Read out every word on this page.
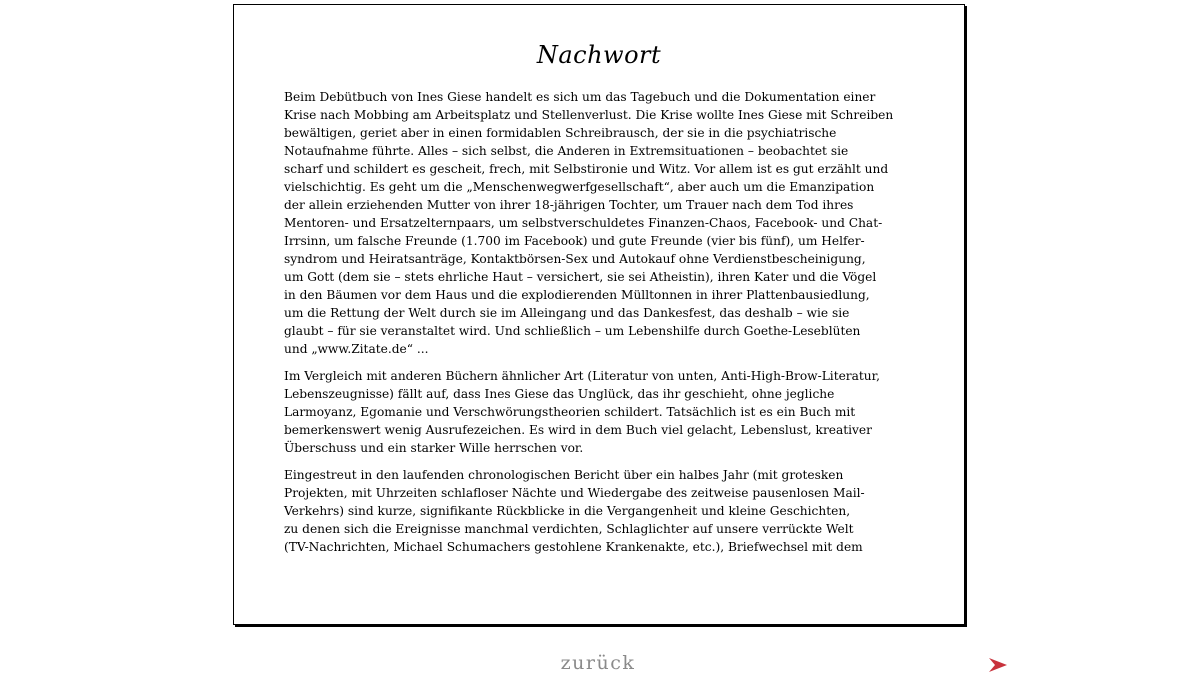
Nachwort

Beim Debütbuch von Ines Giese handelt es sich um das Tagebuch und die Dokumentation einer
Krise nach Mobbing am Arbeitsplatz und Stellenverlust. Die Krise wollte Ines Giese mit Schreiben
bewältigen, geriet aber in einen formidablen Schreibrausch, der sie in die psychiatrische
Notaufnahme führte. Alles – sich selbst, die Anderen in Extremsituationen – beobachtet sie
scharf und schildert es gescheit, frech, mit Selbstironie und Witz. Vor allem ist es gut erzählt und
vielschichtig. Es geht um die „Menschenwegwerfgesellschaft“, aber auch um die Emanzipation
der allein erziehenden Mutter von ihrer 18-jährigen Tochter, um Trauer nach dem Tod ihres
Mentoren- und Ersatzelternpaars, um selbstverschuldetes Finanzen-Chaos, Facebook- und Chat-
Irrsinn, um falsche Freunde (1.700 im Facebook) und gute Freunde (vier bis fünf), um Helfer-
syndrom und Heiratsanträge, Kontaktbörsen-Sex und Autokauf ohne Verdienstbescheinigung,
um Gott (dem sie – stets ehrliche Haut – versichert, sie sei Atheistin), ihren Kater und die Vögel
in den Bäumen vor dem Haus und die explodierenden Mülltonnen in ihrer Plattenbausiedlung,
um die Rettung der Welt durch sie im Alleingang und das Dankesfest, das deshalb – wie sie
glaubt – für sie veranstaltet wird. Und schließlich – um Lebenshilfe durch Goethe-Leseblüten
und „www.Zitate.de“ ...

Im Vergleich mit anderen Büchern ähnlicher Art (Literatur von unten, Anti-High-Brow-Literatur,
Lebenszeugnisse) fällt auf, dass Ines Giese das Unglück, das ihr geschieht, ohne jegliche
Larmoyanz, Egomanie und Verschwörungstheorien schildert. Tatsächlich ist es ein Buch mit
bemerkenswert wenig Ausrufezeichen. Es wird in dem Buch viel gelacht, Lebenslust, kreativer
Überschuss und ein starker Wille herrschen vor.

Eingestreut in den laufenden chronologischen Bericht über ein halbes Jahr (mit grotesken
Projekten, mit Uhrzeiten schlafloser Nächte und Wiedergabe des zeitweise pausenlosen Mail-
Verkehrs) sind kurze, signifikante Rückblicke in die Vergangenheit und kleine Geschichten,
zu denen sich die Ereignisse manchmal verdichten, Schlaglichter auf unsere verrückte Welt
(TV-Nachrichten, Michael Schumachers gestohlene Krankenakte, etc.), Briefwechsel mit dem

zurück
